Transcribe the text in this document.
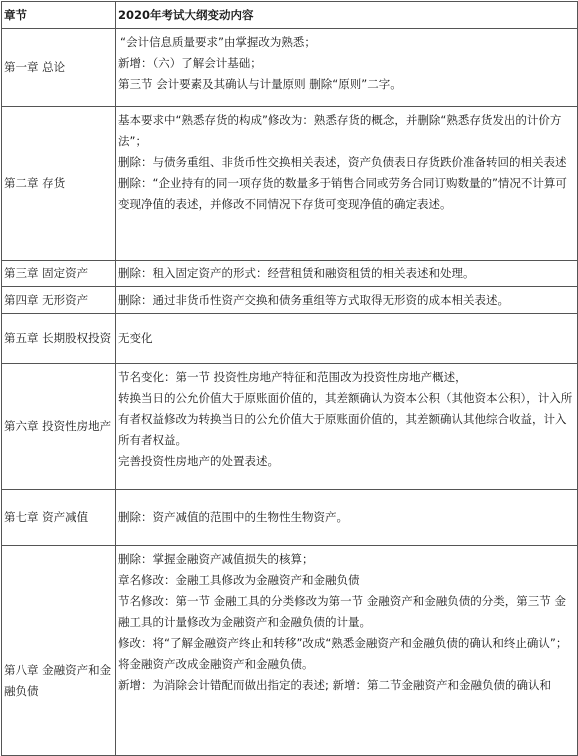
章节	2020年考试大纲变动内容
第一章 总论	“会计信息质量要求”由掌握改为熟悉；
新增：（六）了解会计基础；
第三节 会计要素及其确认与计量原则 删除“原则”二字。

第二章 存货	基本要求中“熟悉存货的构成”修改为：熟悉存货的概念，并删除“熟悉存货发出的计价方法”；
删除：与债务重组、非货币性交换相关表述，资产负债表日存货跌价准备转回的相关表述
删除：“企业持有的同一项存货的数量多于销售合同或劳务合同订购数量的”情况不计算可变现净值的表述，并修改不同情况下存货可变现净值的确定表述。

第三章 固定资产	删除：租入固定资产的形式：经营租赁和融资租赁的相关表述和处理。

第四章 无形资产	删除：通过非货币性资产交换和债务重组等方式取得无形资的成本相关表述。

第五章 长期股权投资	无变化

第六章 投资性房地产	节名变化：第一节 投资性房地产特征和范围改为投资性房地产概述，
转换当日的公允价值大于原账面价值的，其差额确认为资本公积（其他资本公积），计入所有者权益修改为转换当日的公允价值大于原账面价值的，其差额确认其他综合收益，计入所有者权益。
完善投资性房地产的处置表述。

第七章 资产减值	删除：资产减值的范围中的生物性生物资产。

第八章 金融资产和金融负债	删除：掌握金融资产减值损失的核算；
章名修改：金融工具修改为金融资产和金融负债
节名修改：第一节 金融工具的分类修改为第一节 金融资产和金融负债的分类，第三节 金融工具的计量修改为金融资产和金融负债的计量。
修改：将“了解金融资产终止和转移”改成“熟悉金融资产和金融负债的确认和终止确认”；将金融资产改成金融资产和金融负债。
新增：为消除会计错配而做出指定的表述; 新增：第二节金融资产和金融负债的确认和
